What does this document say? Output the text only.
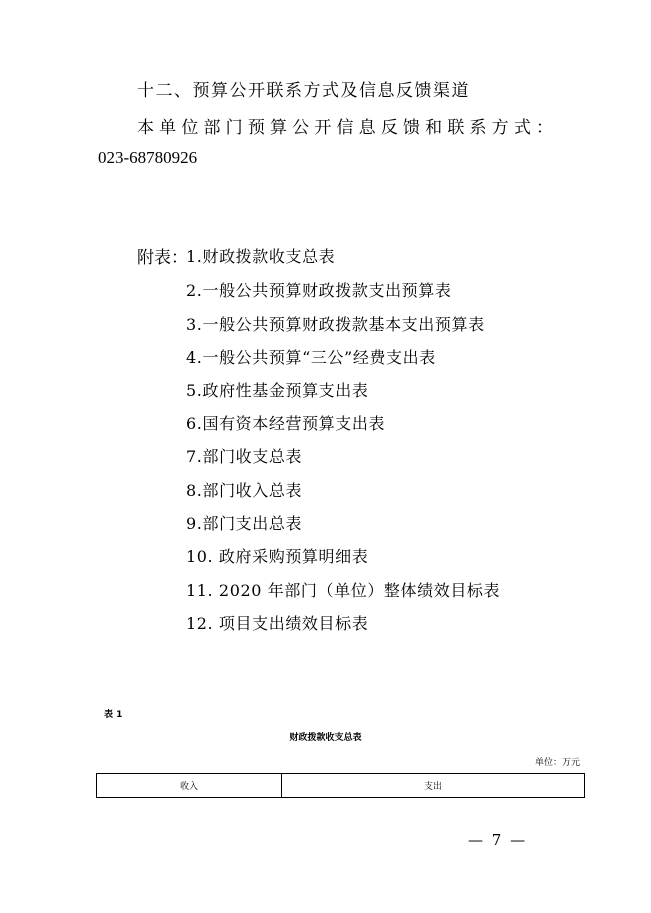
十二、预算公开联系方式及信息反馈渠道
本单位部门预算公开信息反馈和联系方式：
023-68780926
附表：
1.财政拨款收支总表
2.一般公共预算财政拨款支出预算表
3.一般公共预算财政拨款基本支出预算表
4.一般公共预算“三公”经费支出表
5.政府性基金预算支出表
6.国有资本经营预算支出表
7.部门收支总表
8.部门收入总表
9.部门支出总表
10. 政府采购预算明细表
11. 2020 年部门（单位）整体绩效目标表
12. 项目支出绩效目标表
表 1
财政拨款收支总表
单位：万元
收入	支出
— 7 —
